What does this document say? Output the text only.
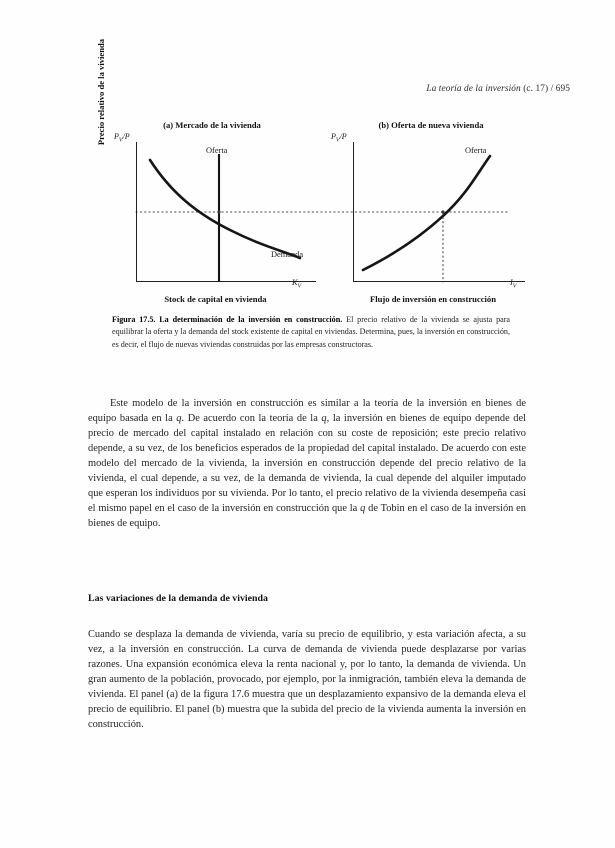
La teoría de la inversión (c. 17) / 695
(a) Mercado de la vivienda
$P_V/P$
Precio relativo de la vivienda
Oferta
Demanda
$K_V$
Stock de capital en vivienda
(b) Oferta de nueva vivienda
$P_V/P$
Oferta
$I_V$
Flujo de inversión en construcción
Figura 17.5. La determinación de la inversión en construcción. El precio relativo de la vivienda se ajusta para equilibrar la oferta y la demanda del stock existente de capital en viviendas. Determina, pues, la inversión en construcción, es decir, el flujo de nuevas viviendas construidas por las empresas constructoras.
Este modelo de la inversión en construcción es similar a la teoría de la inversión en bienes de equipo basada en la q. De acuerdo con la teoría de la q, la inversión en bienes de equipo depende del precio de mercado del capital instalado en relación con su coste de reposición; este precio relativo depende, a su vez, de los beneficios esperados de la propiedad del capital instalado. De acuerdo con este modelo del mercado de la vivienda, la inversión en construcción depende del precio relativo de la vivienda, el cual depende, a su vez, de la demanda de vivienda, la cual depende del alquiler imputado que esperan los individuos por su vivienda. Por lo tanto, el precio relativo de la vivienda desempeña casi el mismo papel en el caso de la inversión en construcción que la q de Tobin en el caso de la inversión en bienes de equipo.
Las variaciones de la demanda de vivienda
Cuando se desplaza la demanda de vivienda, varía su precio de equilibrio, y esta variación afecta, a su vez, a la inversión en construcción. La curva de demanda de vivienda puede desplazarse por varias razones. Una expansión económica eleva la renta nacional y, por lo tanto, la demanda de vivienda. Un gran aumento de la población, provocado, por ejemplo, por la inmigración, también eleva la demanda de vivienda. El panel (a) de la figura 17.6 muestra que un desplazamiento expansivo de la demanda eleva el precio de equilibrio. El panel (b) muestra que la subida del precio de la vivienda aumenta la inversión en construcción.
